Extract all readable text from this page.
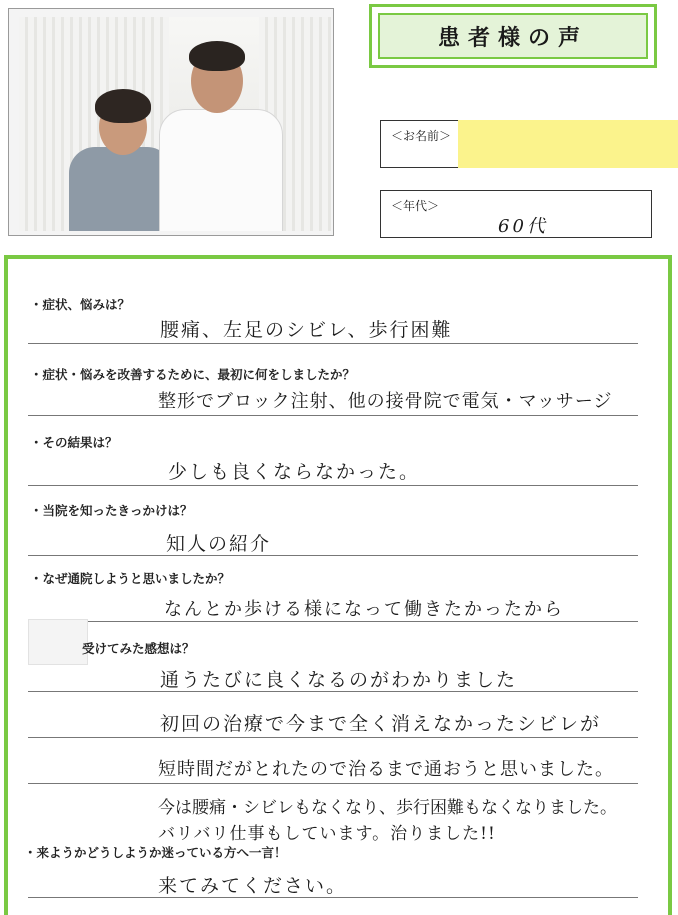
患者様の声
＜お名前＞
＜年代＞
60代
・症状、悩みは？
腰痛、左足のシビレ、歩行困難
・症状・悩みを改善するために、最初に何をしましたか？
整形でブロック注射、他の接骨院で電気・マッサージ
・その結果は？
少しも良くならなかった。
・当院を知ったきっかけは？
知人の紹介
・なぜ通院しようと思いましたか？
なんとか歩ける様になって働きたかったから
受けてみた感想は？
通うたびに良くなるのがわかりました
初回の治療で今まで全く消えなかったシビレが
短時間だがとれたので治るまで通おうと思いました。
今は腰痛・シビレもなくなり、歩行困難もなくなりました。
バリバリ仕事もしています。治りました!!
・来ようかどうしようか迷っている方へ一言！
来てみてください。
